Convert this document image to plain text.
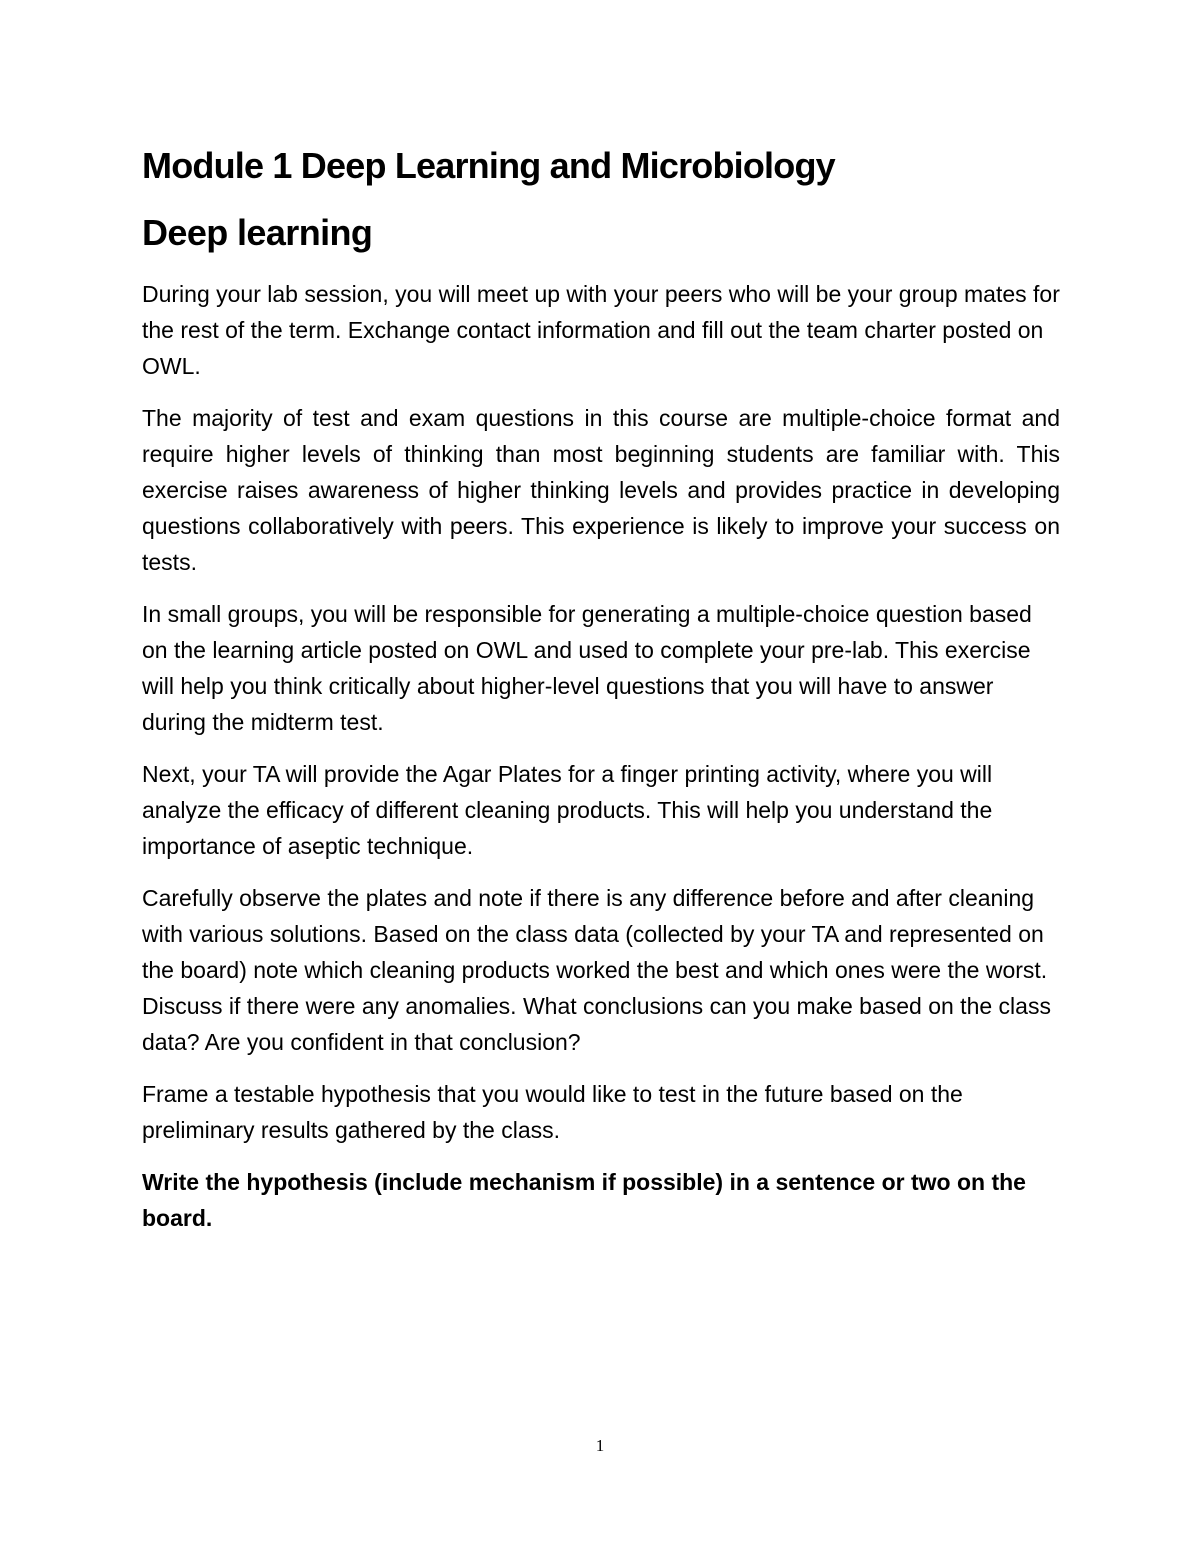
Module 1 Deep Learning and Microbiology
Deep learning

During your lab session, you will meet up with your peers who will be your group mates for the rest of the term. Exchange contact information and fill out the team charter posted on OWL.

The majority of test and exam questions in this course are multiple-choice format and require higher levels of thinking than most beginning students are familiar with. This exercise raises awareness of higher thinking levels and provides practice in developing questions collaboratively with peers. This experience is likely to improve your success on tests.

In small groups, you will be responsible for generating a multiple-choice question based on the learning article posted on OWL and used to complete your pre-lab. This exercise will help you think critically about higher-level questions that you will have to answer during the midterm test.

Next, your TA will provide the Agar Plates for a finger printing activity, where you will analyze the efficacy of different cleaning products. This will help you understand the importance of aseptic technique.

Carefully observe the plates and note if there is any difference before and after cleaning with various solutions. Based on the class data (collected by your TA and represented on the board) note which cleaning products worked the best and which ones were the worst. Discuss if there were any anomalies. What conclusions can you make based on the class data? Are you confident in that conclusion?

Frame a testable hypothesis that you would like to test in the future based on the preliminary results gathered by the class.

Write the hypothesis (include mechanism if possible) in a sentence or two on the board.

1
